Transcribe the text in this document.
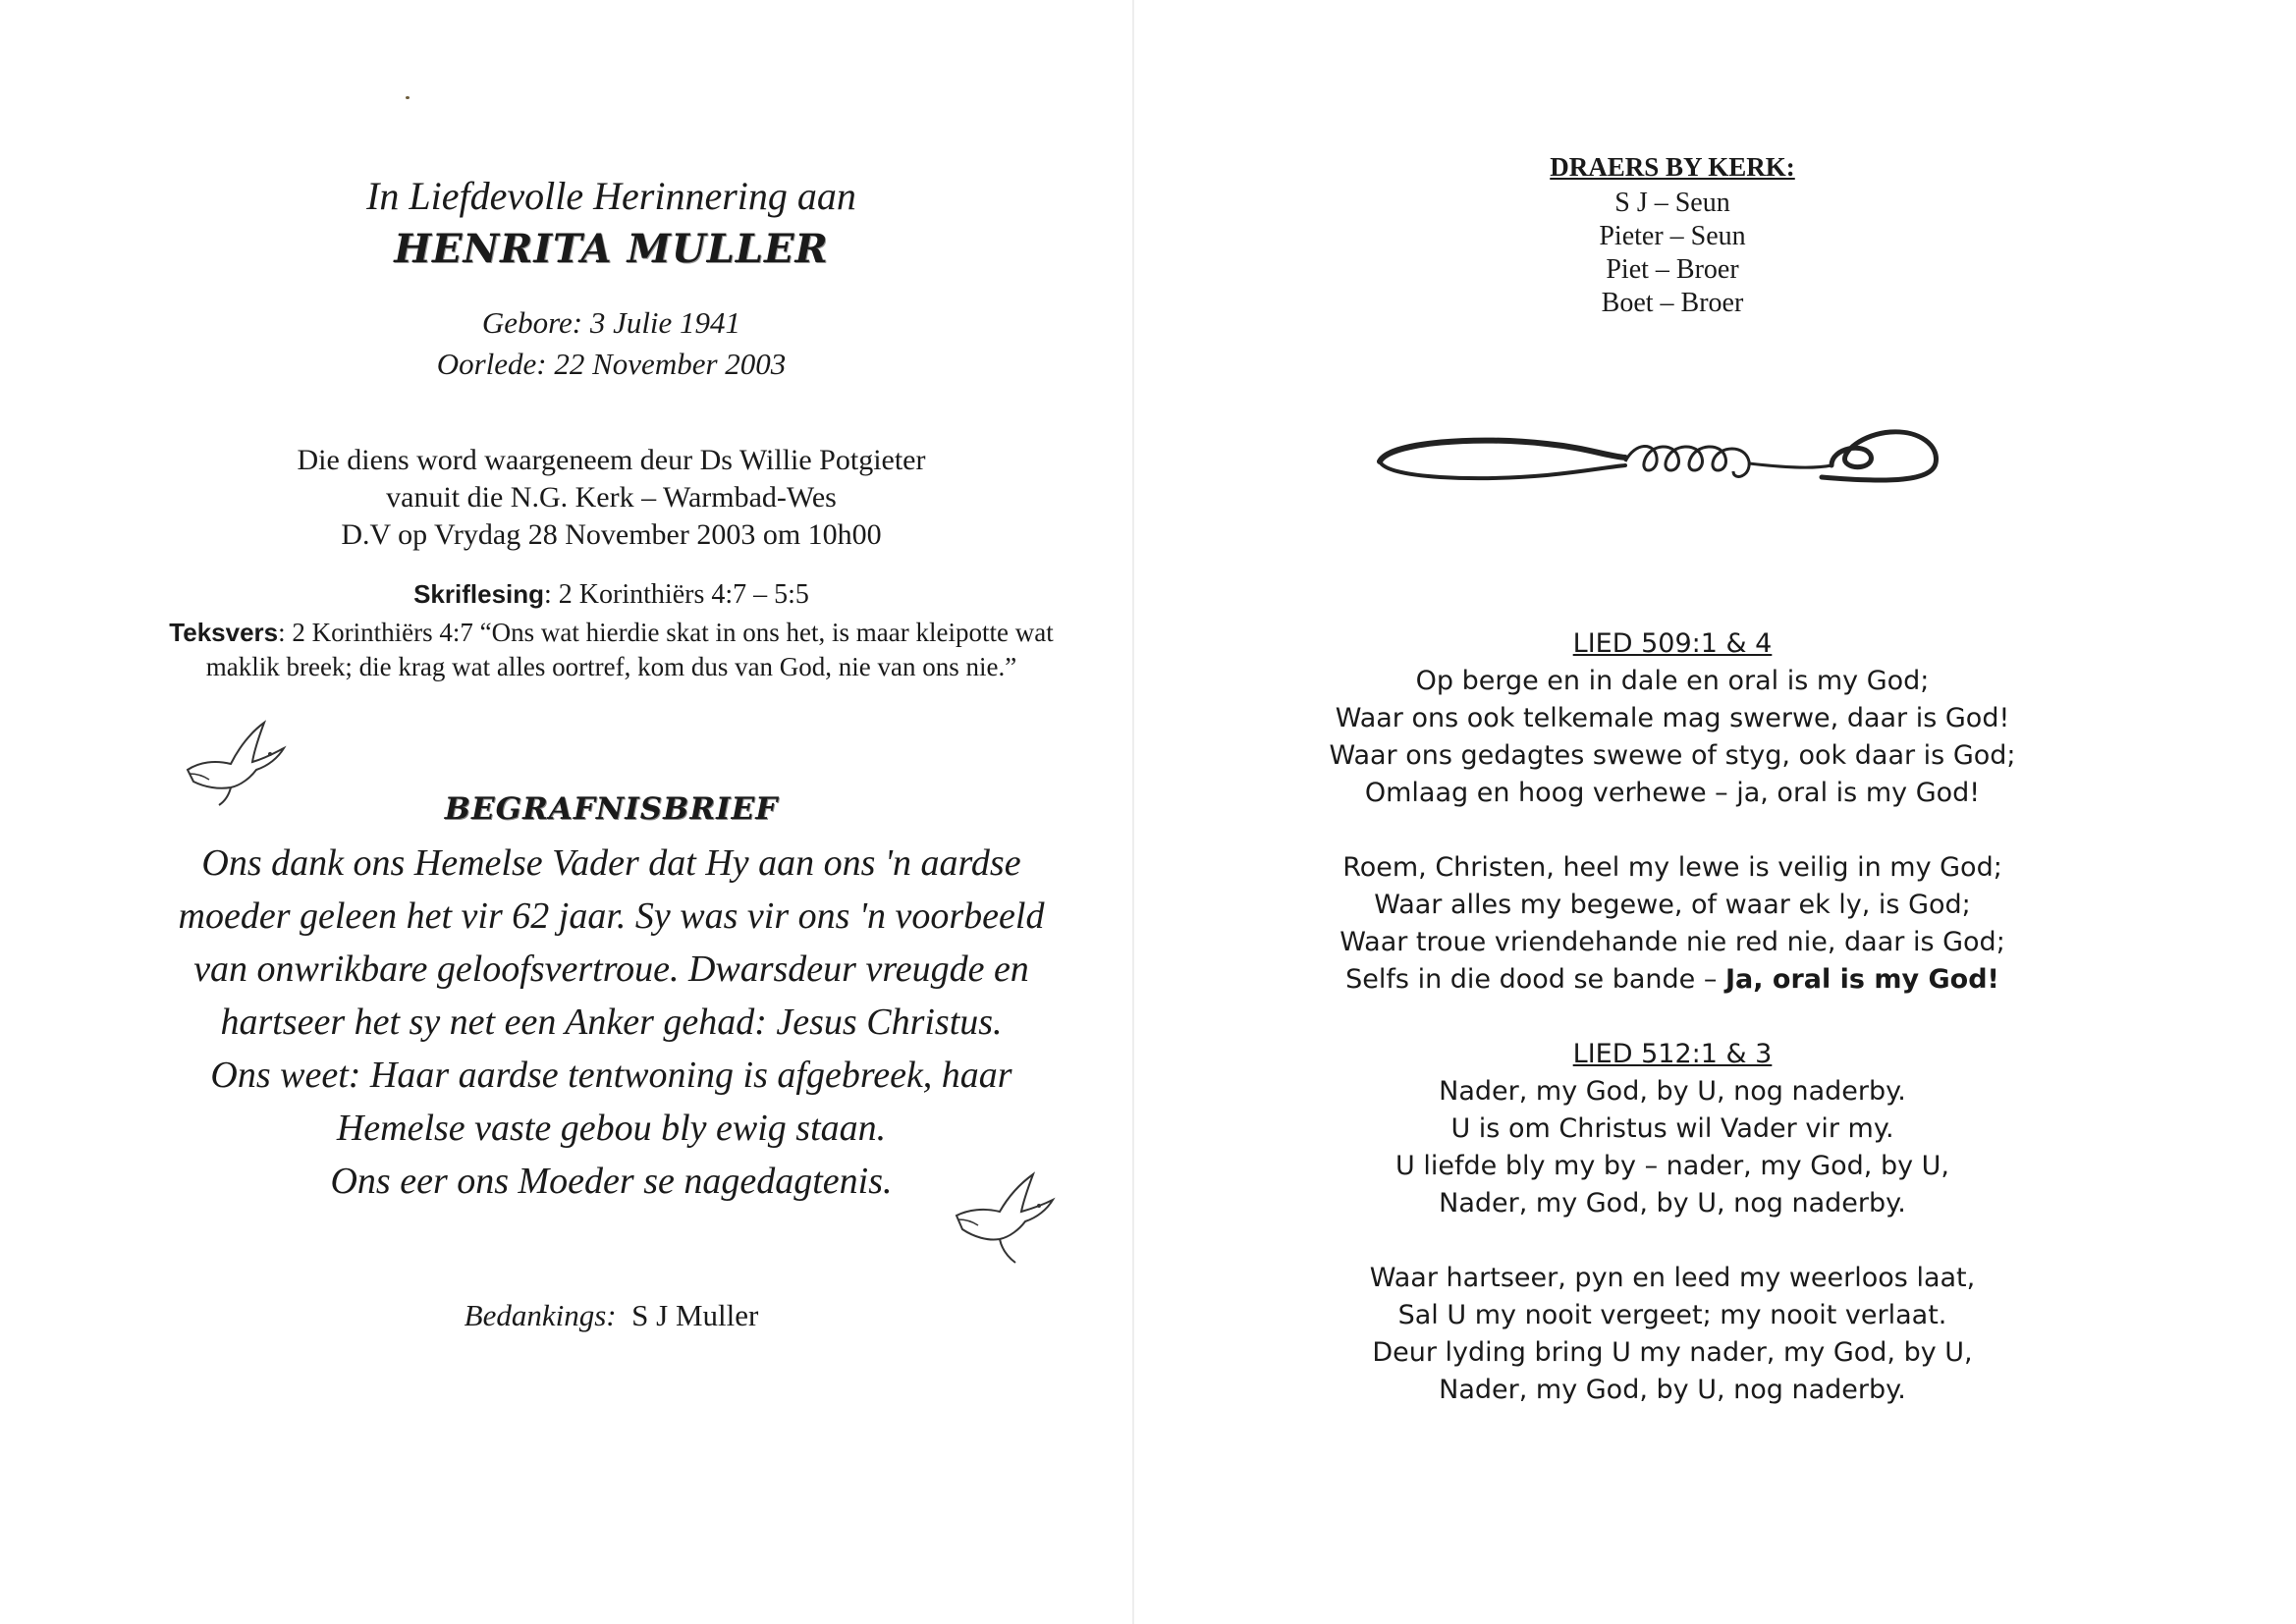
In Liefdevolle Herinnering aan
HENRITA MULLER
Gebore: 3 Julie 1941
Oorlede: 22 November 2003
Die diens word waargeneem deur Ds Willie Potgieter
vanuit die N.G. Kerk – Warmbad-Wes
D.V op Vrydag 28 November 2003 om 10h00
Skriflesing: 2 Korinthiërs 4:7 – 5:5
Teksvers: 2 Korinthiërs 4:7 “Ons wat hierdie skat in ons het, is maar kleipotte wat maklik breek; die krag wat alles oortref, kom dus van God, nie van ons nie.”
BEGRAFNISBRIEF
Ons dank ons Hemelse Vader dat Hy aan ons 'n aardse
moeder geleen het vir 62 jaar. Sy was vir ons 'n voorbeeld
van onwrikbare geloofsvertroue. Dwarsdeur vreugde en
hartseer het sy net een Anker gehad: Jesus Christus.
Ons weet: Haar aardse tentwoning is afgebreek, haar
Hemelse vaste gebou bly ewig staan.
Ons eer ons Moeder se nagedagtenis.
Bedankings: S J Muller
DRAERS BY KERK:
S J – Seun
Pieter – Seun
Piet – Broer
Boet – Broer
LIED 509:1 & 4
Op berge en in dale en oral is my God;
Waar ons ook telkemale mag swerwe, daar is God!
Waar ons gedagtes swewe of styg, ook daar is God;
Omlaag en hoog verhewe – ja, oral is my God!
Roem, Christen, heel my lewe is veilig in my God;
Waar alles my begewe, of waar ek ly, is God;
Waar troue vriendehande nie red nie, daar is God;
Selfs in die dood se bande – Ja, oral is my God!
LIED 512:1 & 3
Nader, my God, by U, nog naderby.
U is om Christus wil Vader vir my.
U liefde bly my by – nader, my God, by U,
Nader, my God, by U, nog naderby.
Waar hartseer, pyn en leed my weerloos laat,
Sal U my nooit vergeet; my nooit verlaat.
Deur lyding bring U my nader, my God, by U,
Nader, my God, by U, nog naderby.
